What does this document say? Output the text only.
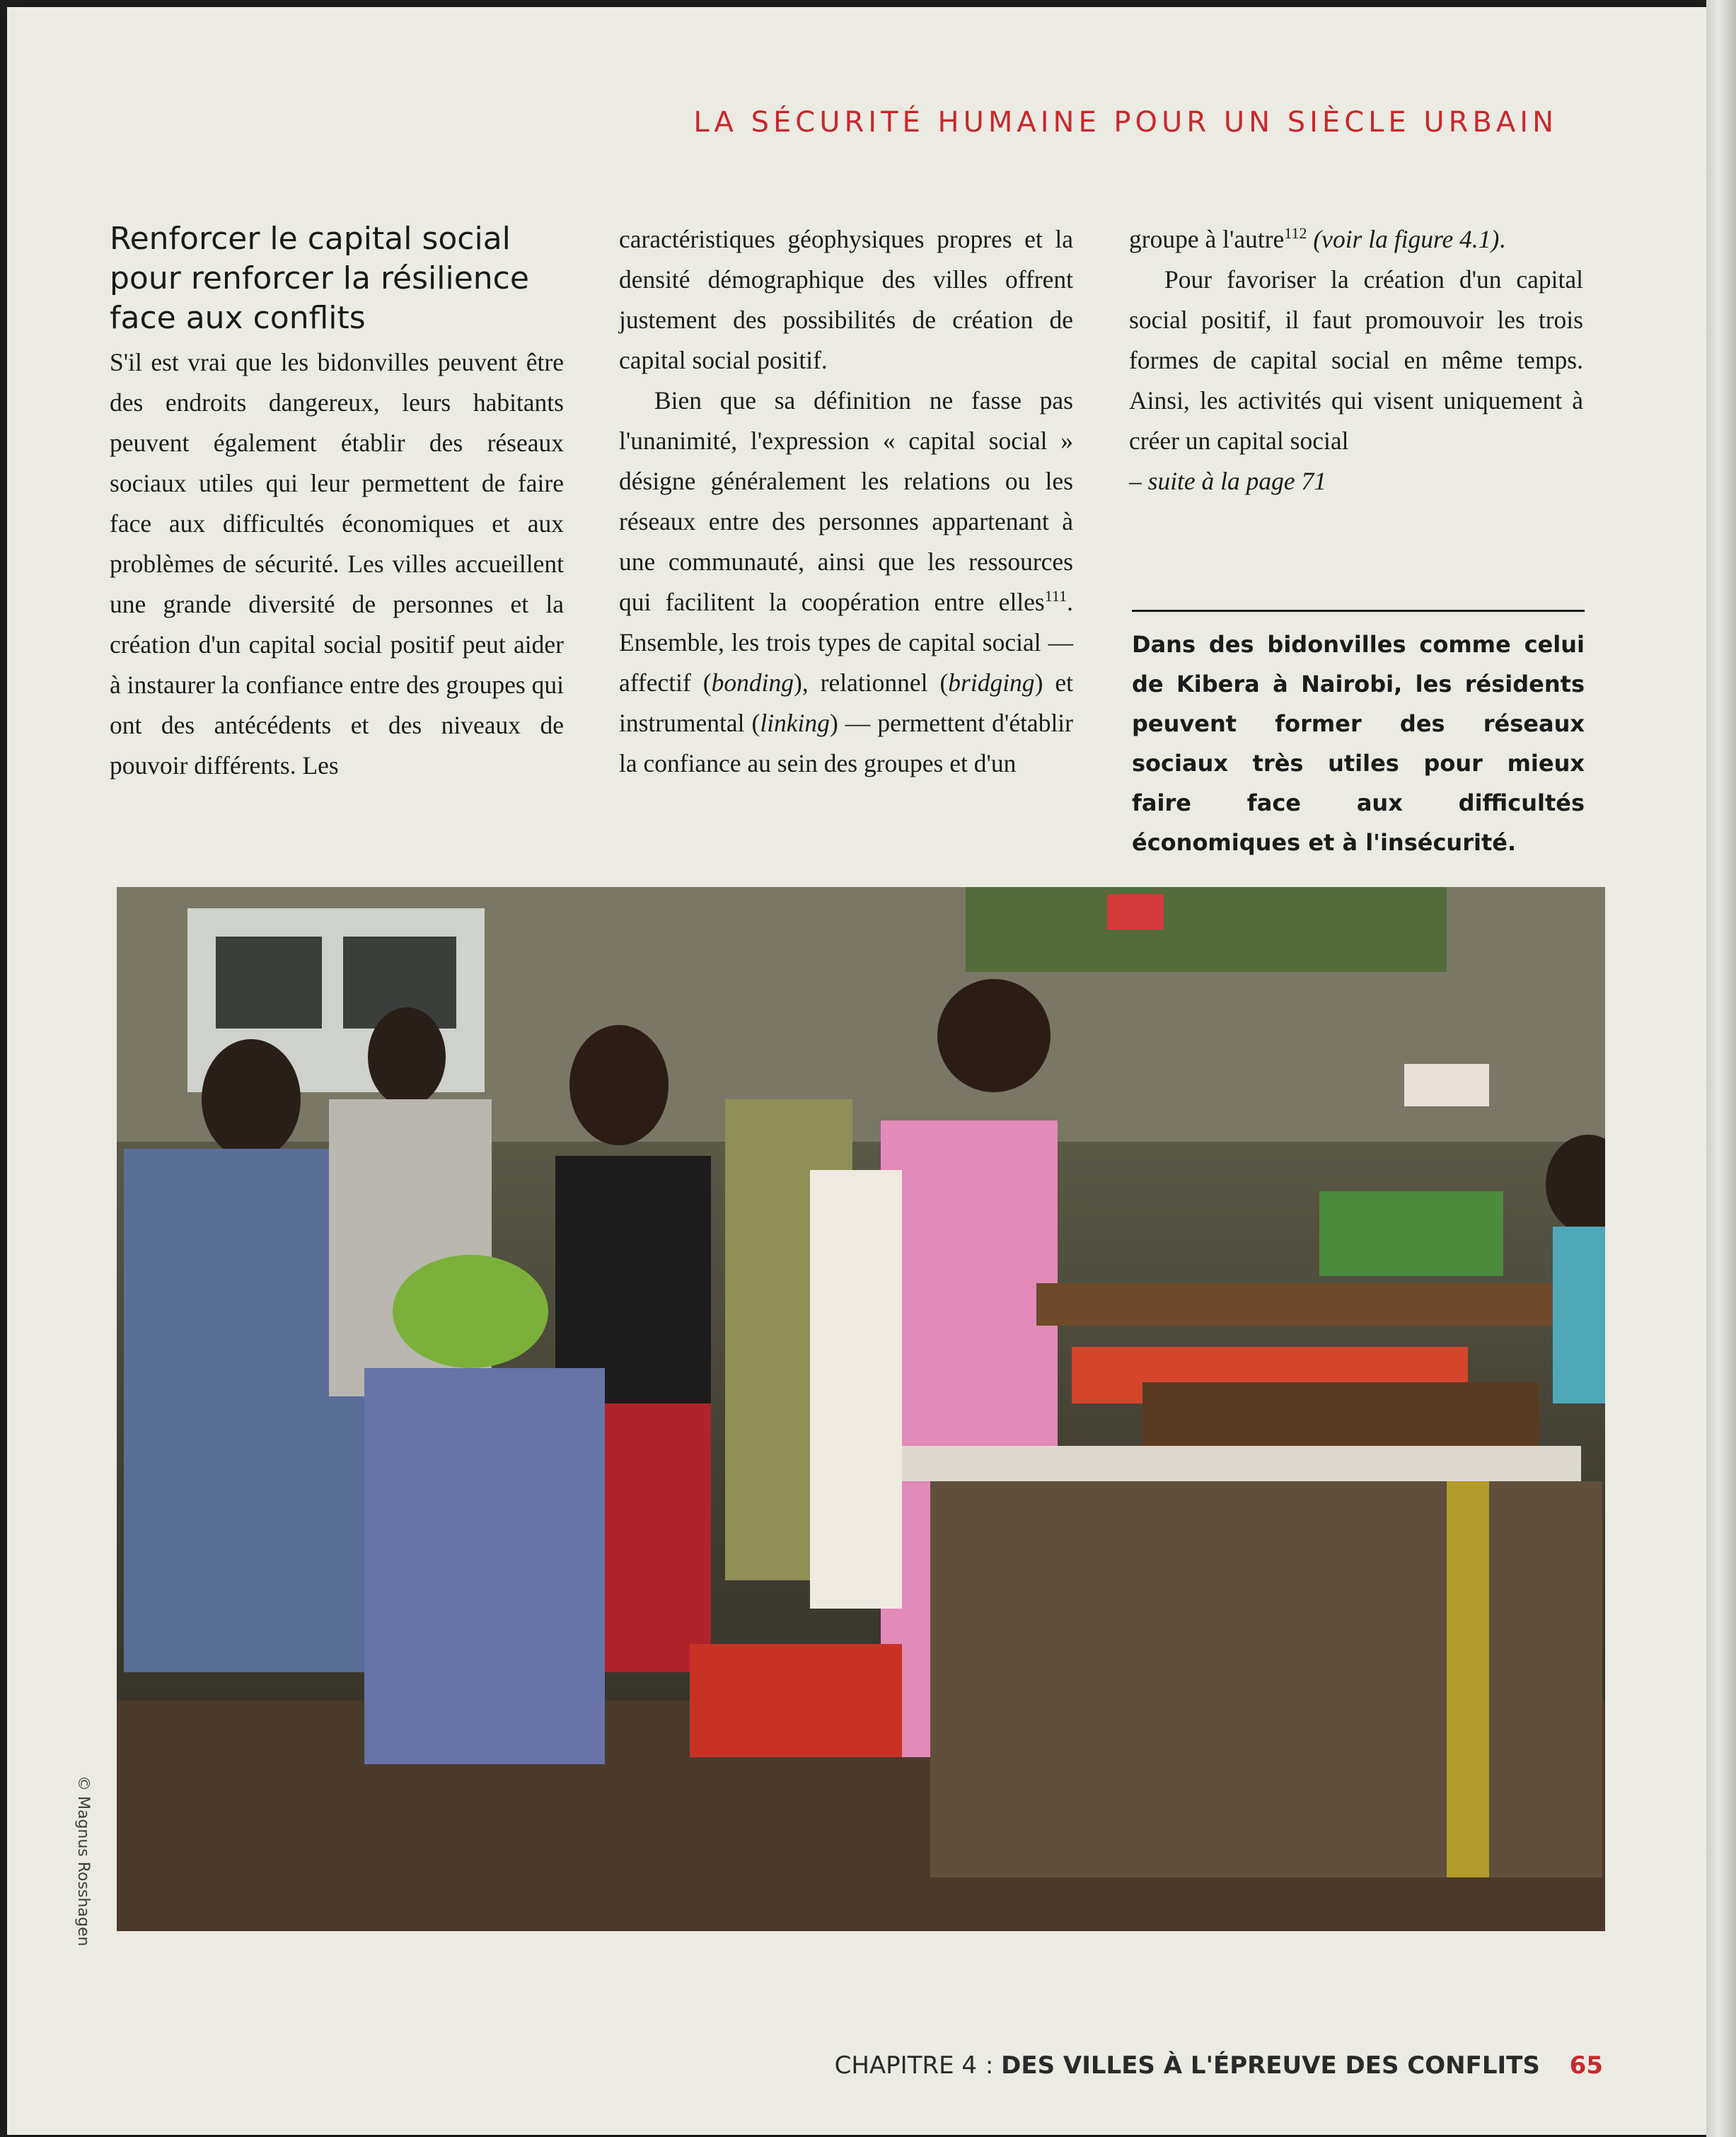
LA SÉCURITÉ HUMAINE POUR UN SIÈCLE URBAIN
Renforcer le capital social pour renforcer la résilience face aux conflits

S'il est vrai que les bidonvilles peuvent être des endroits dangereux, leurs habitants peuvent également établir des réseaux sociaux utiles qui leur permettent de faire face aux difficultés économiques et aux problèmes de sécurité. Les villes accueillent une grande diversité de personnes et la création d'un capital social positif peut aider à instaurer la confiance entre des groupes qui ont des antécédents et des niveaux de pouvoir différents. Les

caractéristiques géophysiques propres et la densité démographique des villes offrent justement des possibilités de création de capital social positif.

Bien que sa définition ne fasse pas l'unanimité, l'expression « capital social » désigne généralement les relations ou les réseaux entre des personnes appartenant à une communauté, ainsi que les ressources qui facilitent la coopération entre elles$^{111}$. Ensemble, les trois types de capital social — affectif (bonding), relationnel (bridging) et instrumental (linking) — permettent d'établir la confiance au sein des groupes et d'un

groupe à l'autre$^{112}$ (voir la figure 4.1).

Pour favoriser la création d'un capital social positif, il faut promouvoir les trois formes de capital social en même temps. Ainsi, les activités qui visent uniquement à créer un capital social
– suite à la page 71

Dans des bidonvilles comme celui de Kibera à Nairobi, les résidents peuvent former des réseaux sociaux très utiles pour mieux faire face aux difficultés économiques et à l'insécurité.
© Magnus Rosshagen
CHAPITRE 4 : DES VILLES À L'ÉPREUVE DES CONFLITS 65
